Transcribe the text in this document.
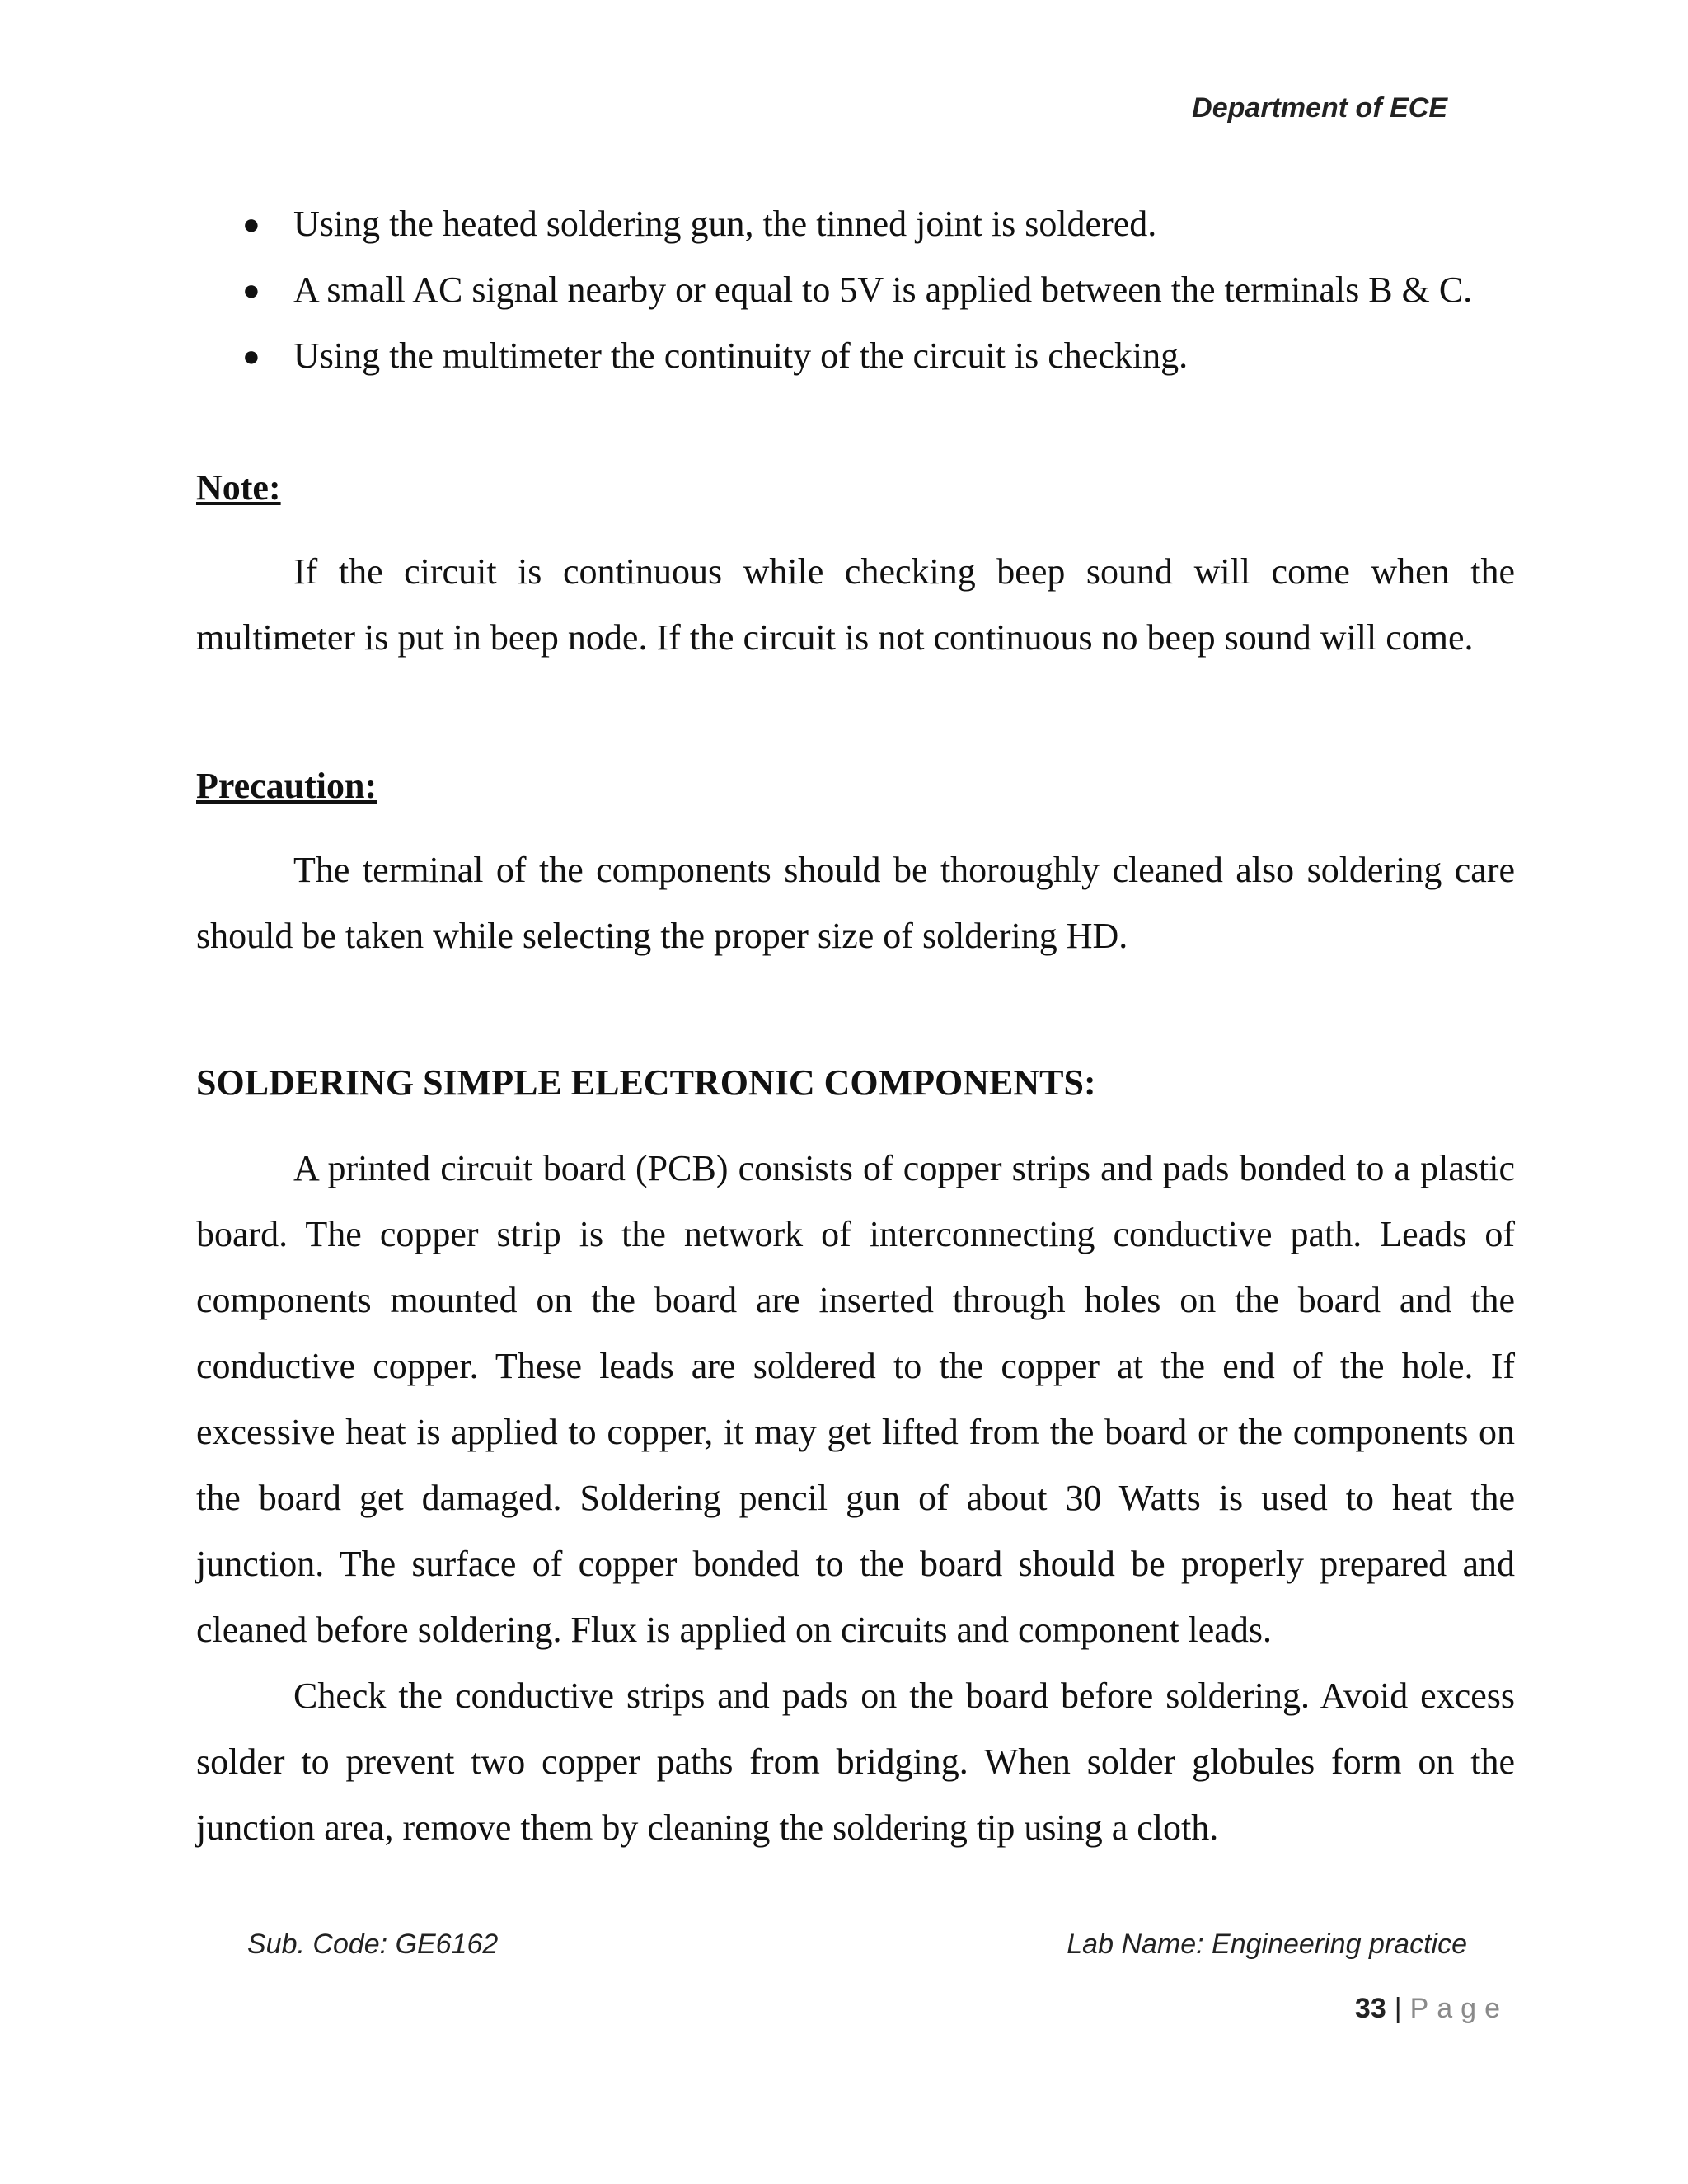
Department of ECE
● Using the heated soldering gun, the tinned joint is soldered.
● A small AC signal nearby or equal to 5V is applied between the terminals B & C.
● Using the multimeter the continuity of the circuit is checking.
Note:

If the circuit is continuous while checking beep sound will come when the multimeter is put in beep node. If the circuit is not continuous no beep sound will come.

Precaution:

The terminal of the components should be thoroughly cleaned also soldering care should be taken while selecting the proper size of soldering HD.

SOLDERING SIMPLE ELECTRONIC COMPONENTS:

A printed circuit board (PCB) consists of copper strips and pads bonded to a plastic board. The copper strip is the network of interconnecting conductive path. Leads of components mounted on the board are inserted through holes on the board and the conductive copper. These leads are soldered to the copper at the end of the hole. If excessive heat is applied to copper, it may get lifted from the board or the components on the board get damaged. Soldering pencil gun of about 30 Watts is used to heat the junction. The surface of copper bonded to the board should be properly prepared and cleaned before soldering. Flux is applied on circuits and component leads.

Check the conductive strips and pads on the board before soldering. Avoid excess solder to prevent two copper paths from bridging. When solder globules form on the junction area, remove them by cleaning the soldering tip using a cloth.

Sub. Code: GE6162	Lab Name: Engineering practice
33 | Page
